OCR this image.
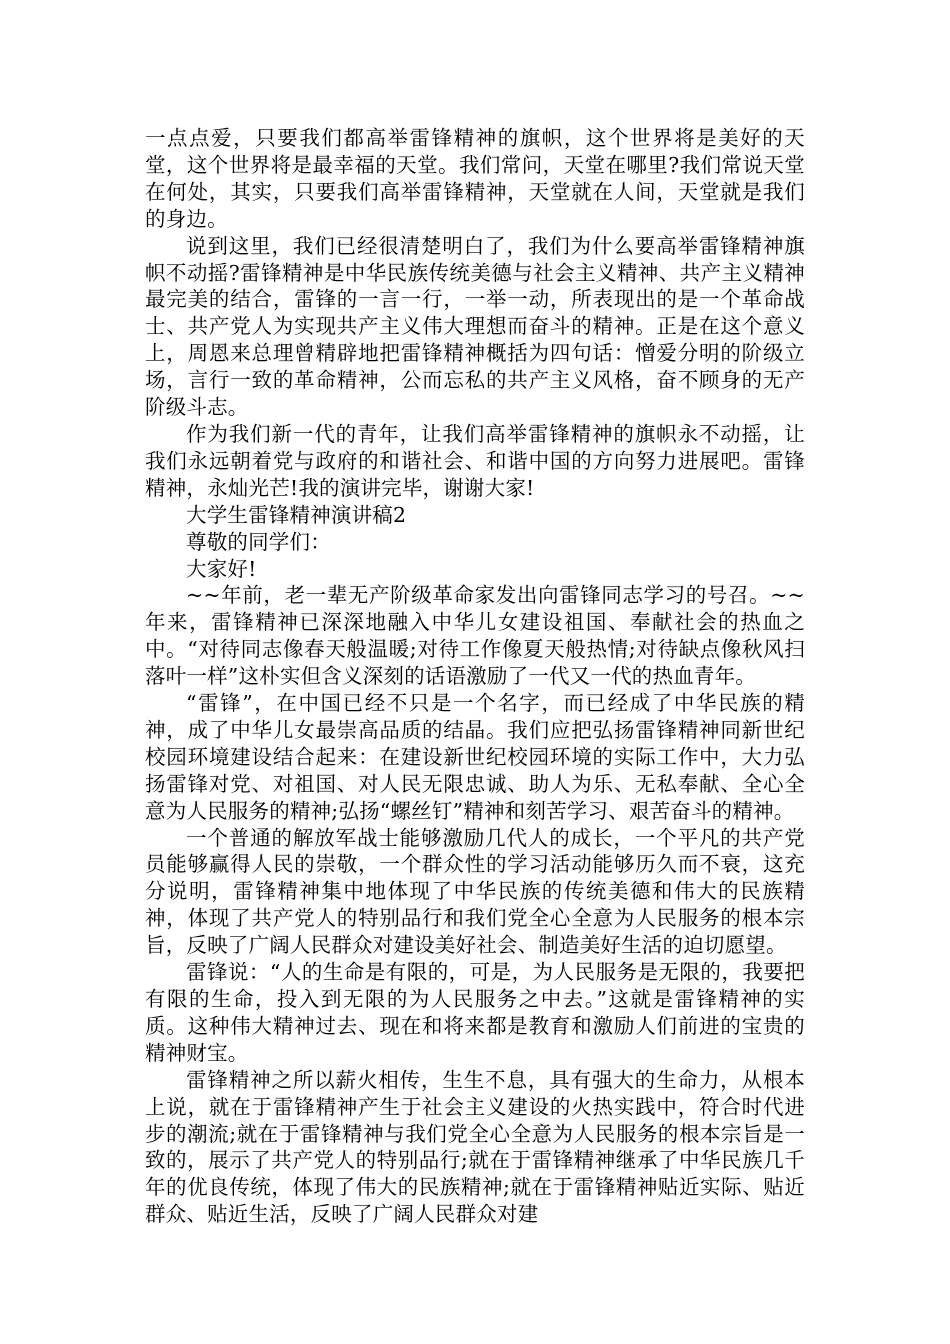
一点点爱，只要我们都高举雷锋精神的旗帜，这个世界将是美好的天堂，这个世界将是最幸福的天堂。我们常问，天堂在哪里?我们常说天堂在何处，其实，只要我们高举雷锋精神，天堂就在人间，天堂就是我们的身边。

说到这里，我们已经很清楚明白了，我们为什么要高举雷锋精神旗帜不动摇?雷锋精神是中华民族传统美德与社会主义精神、共产主义精神最完美的结合，雷锋的一言一行，一举一动，所表现出的是一个革命战士、共产党人为实现共产主义伟大理想而奋斗的精神。正是在这个意义上，周恩来总理曾精辟地把雷锋精神概括为四句话：憎爱分明的阶级立场，言行一致的革命精神，公而忘私的共产主义风格，奋不顾身的无产阶级斗志。

作为我们新一代的青年，让我们高举雷锋精神的旗帜永不动摇，让我们永远朝着党与政府的和谐社会、和谐中国的方向努力进展吧。雷锋精神，永灿光芒!我的演讲完毕，谢谢大家!

大学生雷锋精神演讲稿2

尊敬的同学们：

大家好!

~~年前，老一辈无产阶级革命家发出向雷锋同志学习的号召。~~年来，雷锋精神已深深地融入中华儿女建设祖国、奉献社会的热血之中。“对待同志像春天般温暖;对待工作像夏天般热情;对待缺点像秋风扫落叶一样”这朴实但含义深刻的话语激励了一代又一代的热血青年。

“雷锋”，在中国已经不只是一个名字，而已经成了中华民族的精神，成了中华儿女最崇高品质的结晶。我们应把弘扬雷锋精神同新世纪校园环境建设结合起来：在建设新世纪校园环境的实际工作中，大力弘扬雷锋对党、对祖国、对人民无限忠诚、助人为乐、无私奉献、全心全意为人民服务的精神;弘扬“螺丝钉”精神和刻苦学习、艰苦奋斗的精神。

一个普通的解放军战士能够激励几代人的成长，一个平凡的共产党员能够赢得人民的崇敬，一个群众性的学习活动能够历久而不衰，这充分说明，雷锋精神集中地体现了中华民族的传统美德和伟大的民族精神，体现了共产党人的特别品行和我们党全心全意为人民服务的根本宗旨，反映了广阔人民群众对建设美好社会、制造美好生活的迫切愿望。

雷锋说：“人的生命是有限的，可是，为人民服务是无限的，我要把有限的生命，投入到无限的为人民服务之中去。”这就是雷锋精神的实质。这种伟大精神过去、现在和将来都是教育和激励人们前进的宝贵的精神财宝。

雷锋精神之所以薪火相传，生生不息，具有强大的生命力，从根本上说，就在于雷锋精神产生于社会主义建设的火热实践中，符合时代进步的潮流;就在于雷锋精神与我们党全心全意为人民服务的根本宗旨是一致的，展示了共产党人的特别品行;就在于雷锋精神继承了中华民族几千年的优良传统，体现了伟大的民族精神;就在于雷锋精神贴近实际、贴近群众、贴近生活，反映了广阔人民群众对建
